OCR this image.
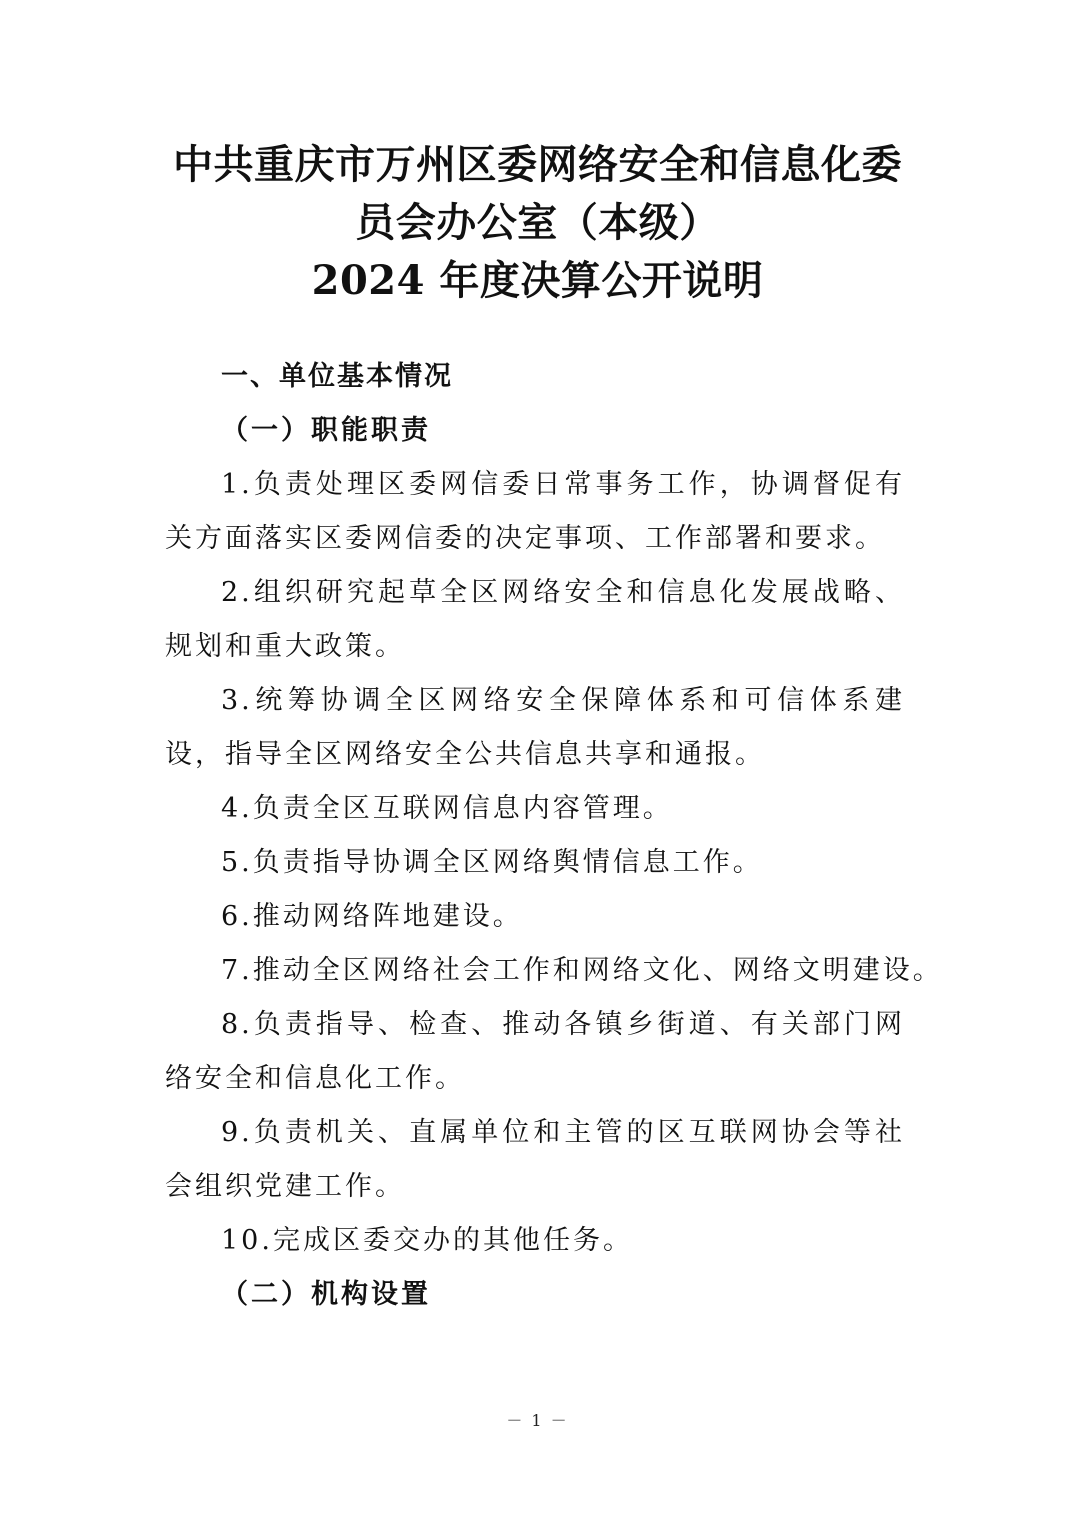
中共重庆市万州区委网络安全和信息化委
员会办公室（本级）
2024 年度决算公开说明
一、单位基本情况
（一）职能职责

1.负责处理区委网信委日常事务工作，协调督促有关方面落实区委网信委的决定事项、工作部署和要求。

2.组织研究起草全区网络安全和信息化发展战略、规划和重大政策。

3.统筹协调全区网络安全保障体系和可信体系建设，指导全区网络安全公共信息共享和通报。

4.负责全区互联网信息内容管理。

5.负责指导协调全区网络舆情信息工作。

6.推动网络阵地建设。

7.推动全区网络社会工作和网络文化、网络文明建设。

8.负责指导、检查、推动各镇乡街道、有关部门网络安全和信息化工作。

9.负责机关、直属单位和主管的区互联网协会等社会组织党建工作。

10.完成区委交办的其他任务。

（二）机构设置
－ 1 －
